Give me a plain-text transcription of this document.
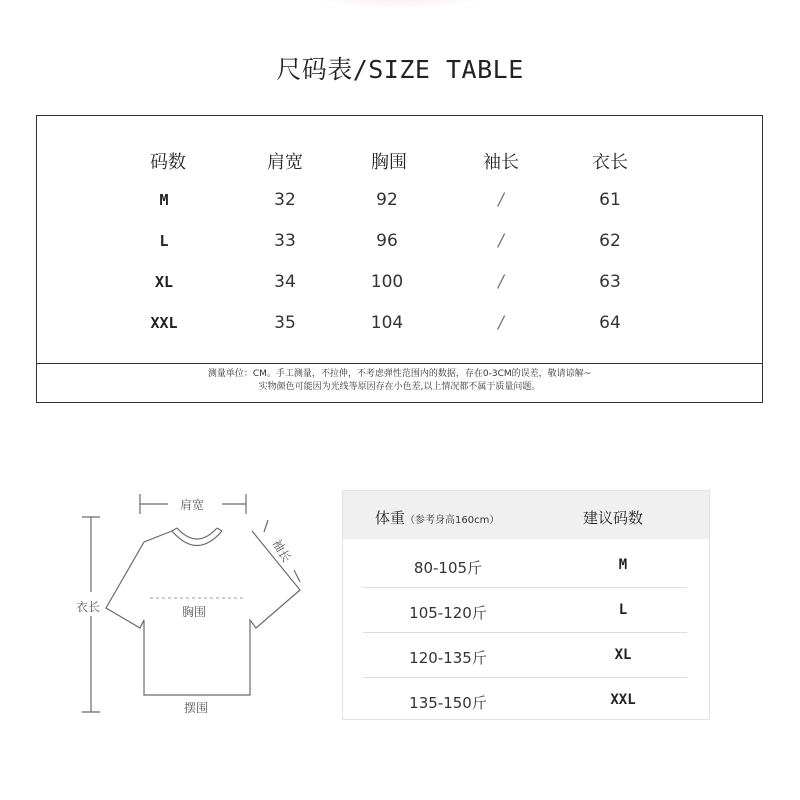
尺码表/SIZE TABLE
码数	肩宽	胸围	袖长	衣长
M	32	92	/	61
L	33	96	/	62
XL	34	100	/	63
XXL	35	104	/	64
测量单位：CM。手工测量，不拉伸，不考虑弹性范围内的数据，存在0-3CM的误差，敬请谅解~
实物颜色可能因为光线等原因存在小色差,以上情况都不属于质量问题。
肩宽
袖长
衣长	胸围
摆围
体重（参考身高160cm）	建议码数
80-105斤	M
105-120斤	L
120-135斤	XL
135-150斤	XXL
